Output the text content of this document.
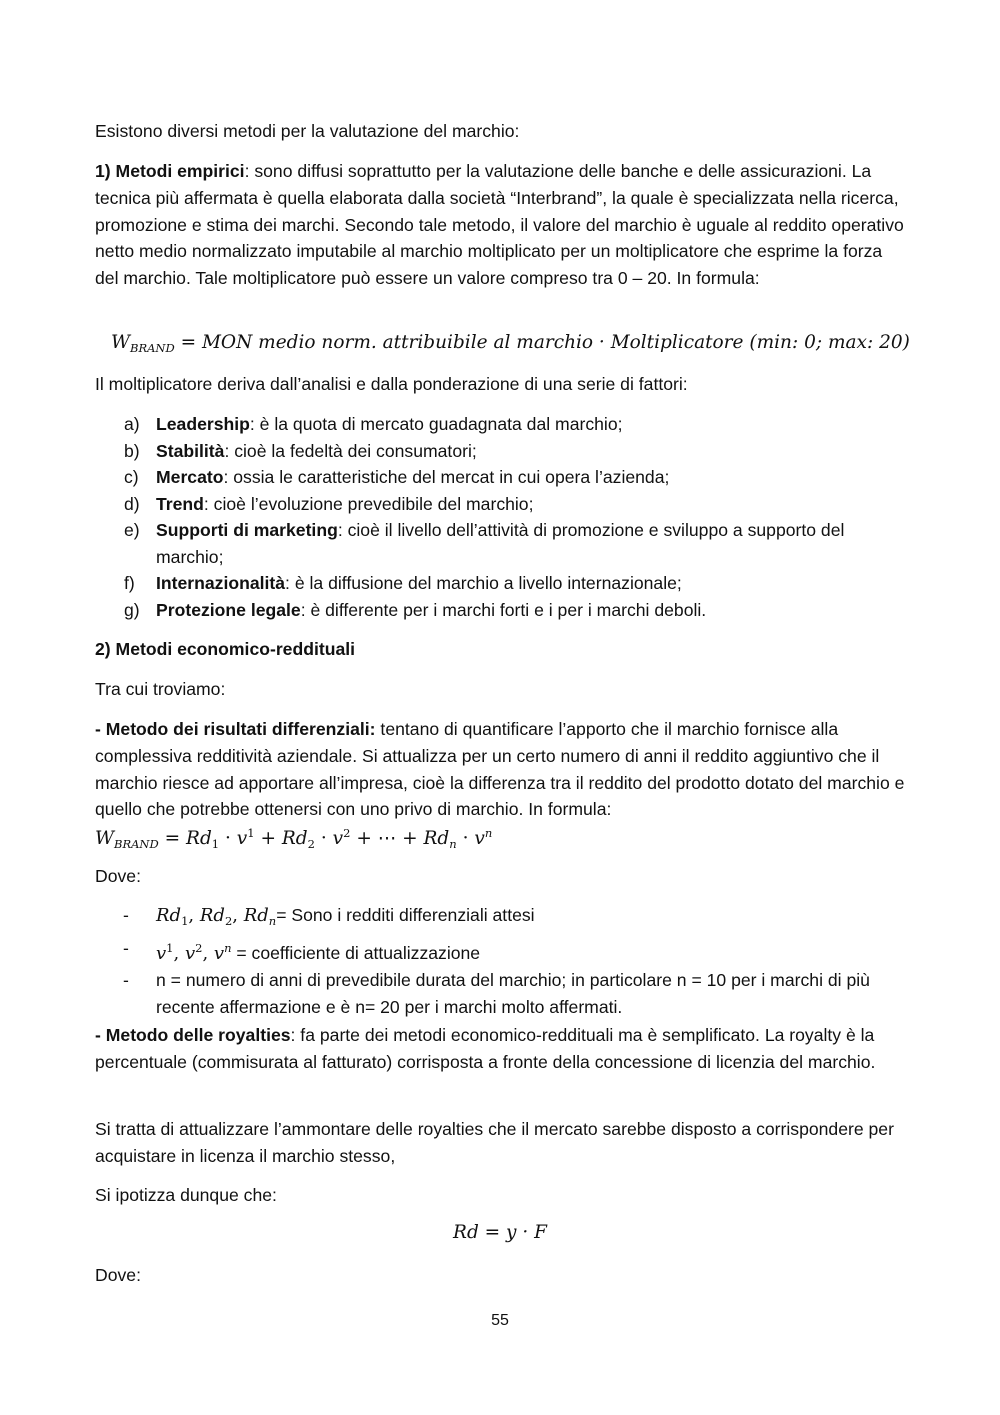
Esistono diversi metodi per la valutazione del marchio:

1) Metodi empirici: sono diffusi soprattutto per la valutazione delle banche e delle assicurazioni. La tecnica più affermata è quella elaborata dalla società “Interbrand”, la quale è specializzata nella ricerca, promozione e stima dei marchi. Secondo tale metodo, il valore del marchio è uguale al reddito operativo netto medio normalizzato imputabile al marchio moltiplicato per un moltiplicatore che esprime la forza del marchio. Tale moltiplicatore può essere un valore compreso tra 0 – 20. In formula:

$W_{BRAND}$ = MON medio norm. attribuibile al marchio · Moltiplicatore (min: 0; max: 20)

Il moltiplicatore deriva dall’analisi e dalla ponderazione di una serie di fattori:

a) Leadership: è la quota di mercato guadagnata dal marchio;
b) Stabilità: cioè la fedeltà dei consumatori;
c) Mercato: ossia le caratteristiche del mercat in cui opera l’azienda;
d) Trend: cioè l’evoluzione prevedibile del marchio;
e) Supporti di marketing: cioè il livello dell’attività di promozione e sviluppo a supporto del marchio;
f) Internazionalità: è la diffusione del marchio a livello internazionale;
g) Protezione legale: è differente per i marchi forti e i per i marchi deboli.

2) Metodi economico-reddituali

Tra cui troviamo:

- Metodo dei risultati differenziali: tentano di quantificare l’apporto che il marchio fornisce alla complessiva redditività aziendale. Si attualizza per un certo numero di anni il reddito aggiuntivo che il marchio riesce ad apportare all’impresa, cioè la differenza tra il reddito del prodotto dotato del marchio e quello che potrebbe ottenersi con uno privo di marchio. In formula:

$W_{BRAND} = Rd_1 \cdot v^1 + Rd_2 \cdot v^2$ + ⋯ + $Rd_n \cdot v^n$

Dove:

- $Rd_1$, $Rd_2$, $Rd_n=$ Sono i redditi differenziali attesi
- $v^1$, $v^2$, $v^n$ = coefficiente di attualizzazione
- n = numero di anni di prevedibile durata del marchio; in particolare n = 10 per i marchi di più recente affermazione e è n= 20 per i marchi molto affermati.

- Metodo delle royalties: fa parte dei metodi economico-reddituali ma è semplificato. La royalty è la percentuale (commisurata al fatturato) corrisposta a fronte della concessione di licenzia del marchio.

Si tratta di attualizzare l’ammontare delle royalties che il mercato sarebbe disposto a corrispondere per acquistare in licenza il marchio stesso,

Si ipotizza dunque che:

Rd = y · F

Dove:

55
